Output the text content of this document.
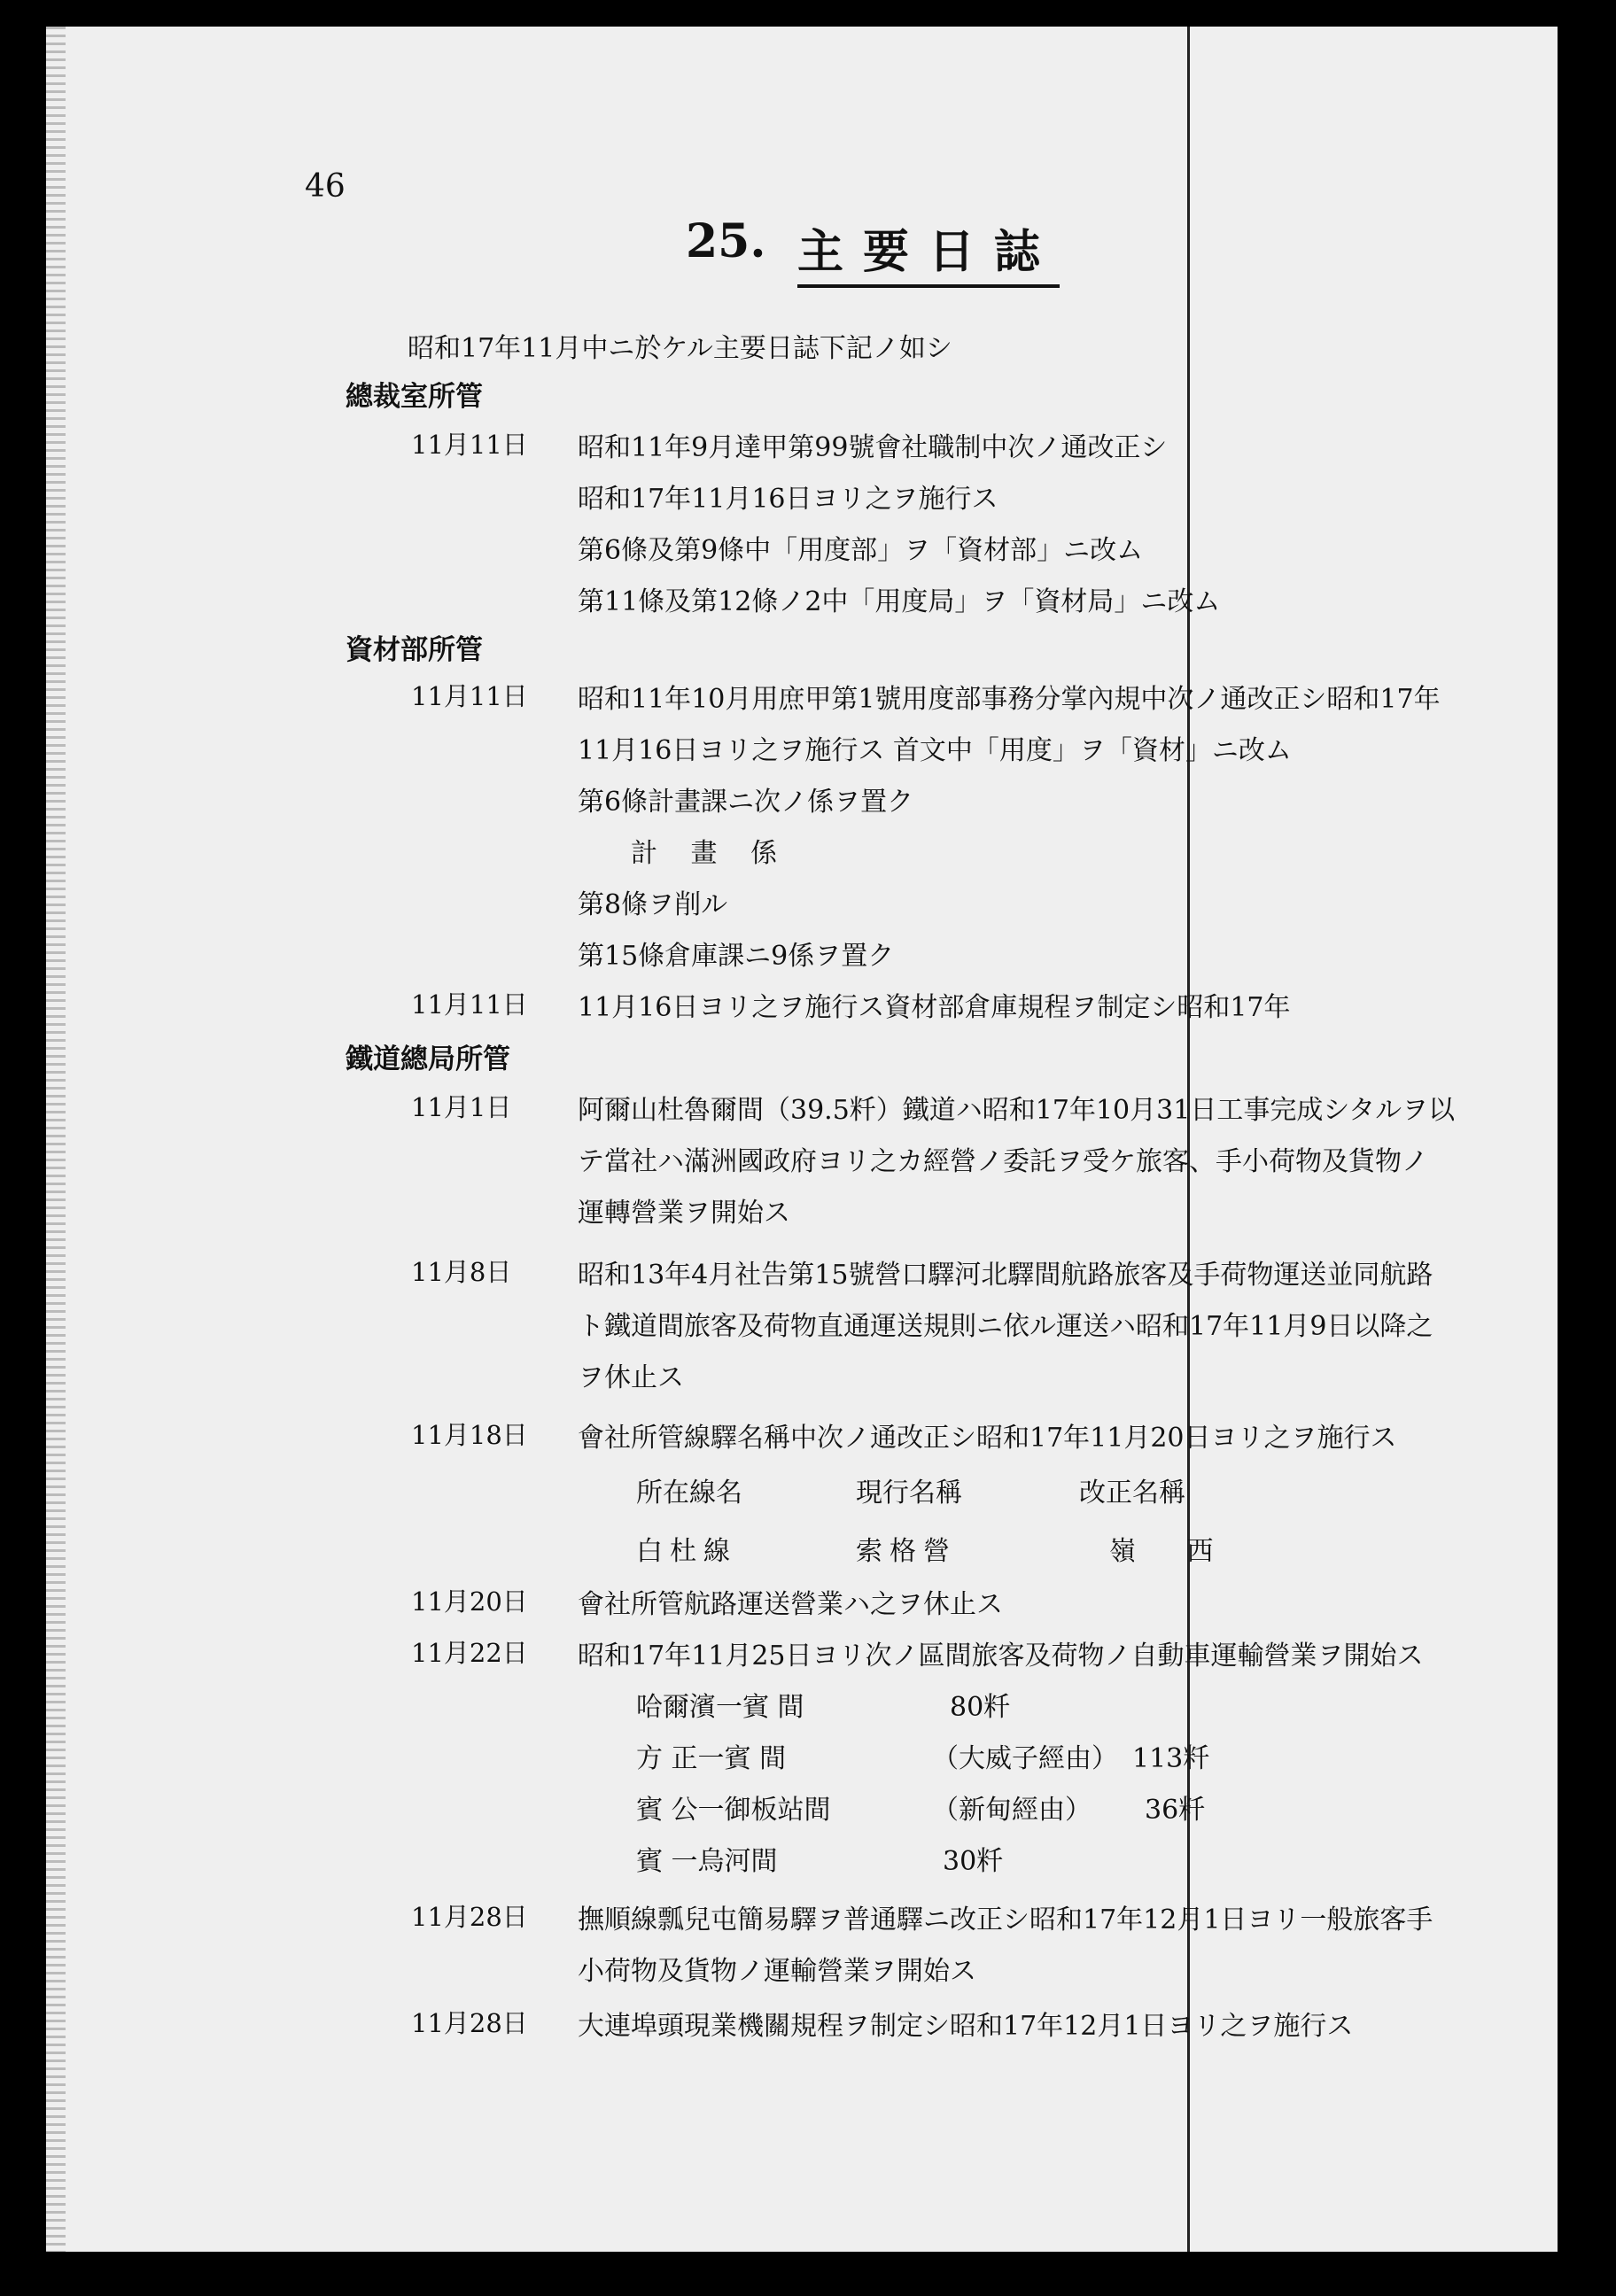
46
25. 主要日誌
昭和17年11月中ニ於ケル主要日誌下記ノ如シ
總裁室所管
11月11日 昭和11年9月達甲第99號會社職制中次ノ通改正シ
昭和17年11月16日ヨリ之ヲ施行ス
第6條及第9條中「用度部」ヲ「資材部」ニ改ム
第11條及第12條ノ2中「用度局」ヲ「資材局」ニ改ム
資材部所管
11月11日 昭和11年10月用庶甲第1號用度部事務分掌內規中次ノ通改正シ昭和17年
11月16日ヨリ之ヲ施行ス 首文中「用度」ヲ「資材」ニ改ム
第6條計畫課ニ次ノ係ヲ置ク
計 畫 係
第8條ヲ削ル
第15條倉庫課ニ9係ヲ置ク
11月11日 11月16日ヨリ之ヲ施行ス資材部倉庫規程ヲ制定シ昭和17年
鐵道總局所管
11月1日 阿爾山杜魯爾間（39.5粁）鐵道ハ昭和17年10月31日工事完成シタルヲ以
テ當社ハ滿洲國政府ヨリ之カ經營ノ委託ヲ受ケ旅客、手小荷物及貨物ノ
運轉營業ヲ開始ス
11月8日 昭和13年4月社告第15號營口驛河北驛間航路旅客及手荷物運送並同航路
ト鐵道間旅客及荷物直通運送規則ニ依ル運送ハ昭和17年11月9日以降之
ヲ休止ス
11月18日 會社所管線驛名稱中次ノ通改正シ昭和17年11月20日ヨリ之ヲ施行ス
所在線名	現行名稱	改正名稱
白杜線	索格營	嶺 西
11月20日 會社所管航路運送營業ハ之ヲ休止ス
11月22日 昭和17年11月25日ヨリ次ノ區間旅客及荷物ノ自動車運輸營業ヲ開始ス
哈爾濱一賓 間	80粁
方 正一賓 間	（大威子經由） 113粁
賓 公一御板站間	（新甸經由） 36粁
賓 一烏河間	30粁
11月28日 撫順線瓢兒屯簡易驛ヲ普通驛ニ改正シ昭和17年12月1日ヨリ一般旅客手
小荷物及貨物ノ運輸營業ヲ開始ス
11月28日 大連埠頭現業機關規程ヲ制定シ昭和17年12月1日ヨリ之ヲ施行ス
